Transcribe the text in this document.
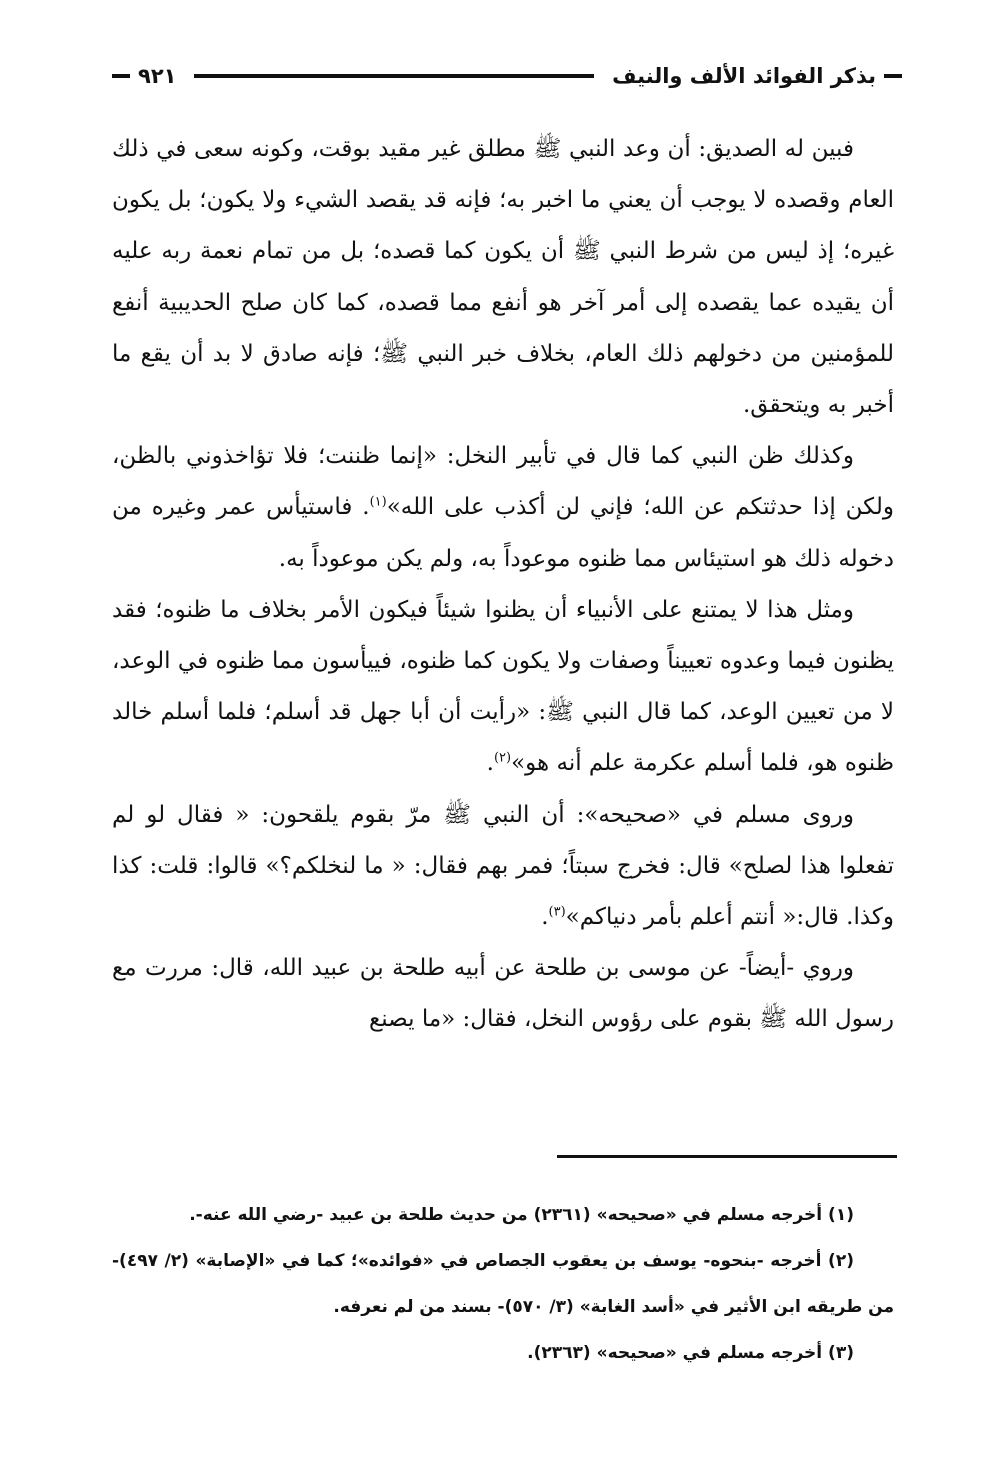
بذكر الفوائد الألف والنيف
٩٢١

فبين له الصديق: أن وعد النبي ﷺ مطلق غير مقيد بوقت، وكونه سعى في ذلك العام وقصده لا يوجب أن يعني ما اخبر به؛ فإنه قد يقصد الشيء ولا يكون؛ بل يكون غيره؛ إذ ليس من شرط النبي ﷺ أن يكون كما قصده؛ بل من تمام نعمة ربه عليه أن يقيده عما يقصده إلى أمر آخر هو أنفع مما قصده، كما كان صلح الحديبية أنفع للمؤمنين من دخولهم ذلك العام، بخلاف خبر النبي ﷺ؛ فإنه صادق لا بد أن يقع ما أخبر به ويتحقق.

وكذلك ظن النبي كما قال في تأبير النخل: «إنما ظننت؛ فلا تؤاخذوني بالظن، ولكن إذا حدثتكم عن الله؛ فإني لن أكذب على الله»$^{(١)}$. فاستيأس عمر وغيره من دخوله ذلك هو استيئاس مما ظنوه موعوداً به، ولم يكن موعوداً به.

ومثل هذا لا يمتنع على الأنبياء أن يظنوا شيئاً فيكون الأمر بخلاف ما ظنوه؛ فقد يظنون فيما وعدوه تعييناً وصفات ولا يكون كما ظنوه، فييأسون مما ظنوه في الوعد، لا من تعيين الوعد، كما قال النبي ﷺ: «رأيت أن أبا جهل قد أسلم؛ فلما أسلم خالد ظنوه هو، فلما أسلم عكرمة علم أنه هو»$^{(٢)}$.

وروى مسلم في «صحيحه»: أن النبي ﷺ مرّ بقوم يلقحون: « فقال لو لم تفعلوا هذا لصلح» قال: فخرج سبتاً؛ فمر بهم فقال: « ما لنخلكم؟» قالوا: قلت: كذا وكذا. قال:« أنتم أعلم بأمر دنياكم»$^{(٣)}$.

وروي -أيضاً- عن موسى بن طلحة عن أبيه طلحة بن عبيد الله، قال: مررت مع رسول الله ﷺ بقوم على رؤوس النخل، فقال: «ما يصنع

(١) أخرجه مسلم في «صحيحه» (٢٣٦١) من حديث طلحة بن عبيد -رضي الله عنه-.

(٢) أخرجه -بنحوه- يوسف بن يعقوب الجصاص في «فوائده»؛ كما في «الإصابة» (٢/ ٤٩٧)- من طريقه ابن الأثير في «أسد الغابة» (٣/ ٥٧٠)- بسند من لم نعرفه.

(٣) أخرجه مسلم في «صحيحه» (٢٣٦٣).
